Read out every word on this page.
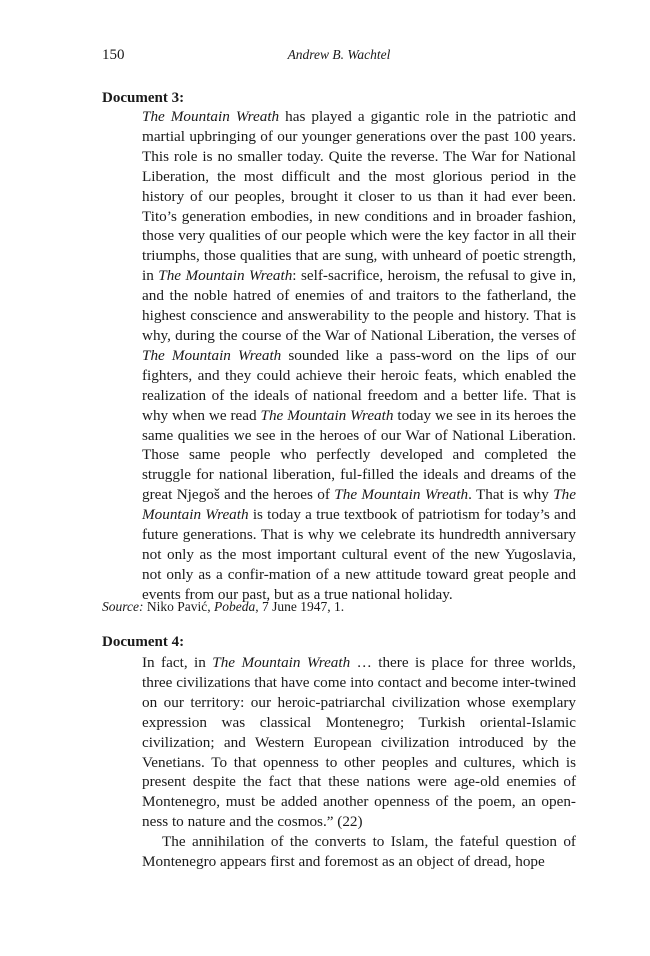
150	Andrew B. Wachtel
Document 3:

The Mountain Wreath has played a gigantic role in the patriotic and martial upbringing of our younger generations over the past 100 years. This role is no smaller today. Quite the reverse. The War for National Liberation, the most difficult and the most glorious period in the history of our peoples, brought it closer to us than it had ever been. Tito’s generation embodies, in new conditions and in broader fashion, those very qualities of our people which were the key factor in all their triumphs, those qualities that are sung, with unheard of poetic strength, in The Mountain Wreath: self-sacrifice, heroism, the refusal to give in, and the noble hatred of enemies of and traitors to the fatherland, the highest conscience and answerability to the people and history. That is why, during the course of the War of National Liberation, the verses of The Mountain Wreath sounded like a pass-word on the lips of our fighters, and they could achieve their heroic feats, which enabled the realization of the ideals of national freedom and a better life. That is why when we read The Mountain Wreath today we see in its heroes the same qualities we see in the heroes of our War of National Liberation. Those same people who perfectly developed and completed the struggle for national liberation, ful-filled the ideals and dreams of the great Njegoš and the heroes of The Mountain Wreath. That is why The Mountain Wreath is today a true textbook of patriotism for today’s and future generations. That is why we celebrate its hundredth anniversary not only as the most important cultural event of the new Yugoslavia, not only as a confir-mation of a new attitude toward great people and events from our past, but as a true national holiday.

Source: Niko Pavić, Pobeda, 7 June 1947, 1.
Document 4:

In fact, in The Mountain Wreath … there is place for three worlds, three civilizations that have come into contact and become inter-twined on our territory: our heroic-patriarchal civilization whose exemplary expression was classical Montenegro; Turkish oriental-Islamic civilization; and Western European civilization introduced by the Venetians. To that openness to other peoples and cultures, which is present despite the fact that these nations were age-old enemies of Montenegro, must be added another openness of the poem, an open-ness to nature and the cosmos.” (22)

The annihilation of the converts to Islam, the fateful question of Montenegro appears first and foremost as an object of dread, hope
